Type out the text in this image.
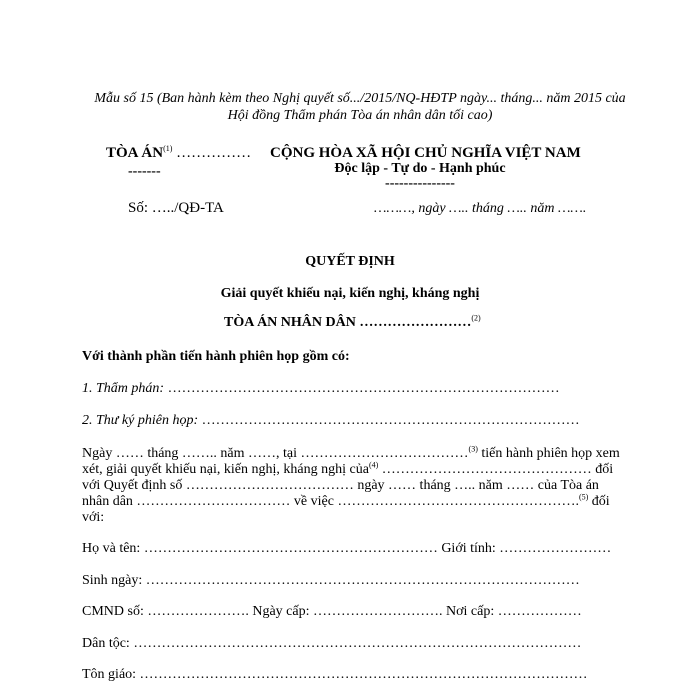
Mẫu số 15 (Ban hành kèm theo Nghị quyết số.../2015/NQ-HĐTP ngày... tháng... năm 2015 của
Hội đồng Thẩm phán Tòa án nhân dân tối cao)
TÒA ÁN$^{(1)}$ ……………
-------
CỘNG HÒA XÃ HỘI CHỦ NGHĨA VIỆT NAM
Độc lập - Tự do - Hạnh phúc
---------------
Số: …../QĐ-TA	………, ngày ….. tháng ….. năm …….
QUYẾT ĐỊNH
Giải quyết khiếu nại, kiến nghị, kháng nghị
TÒA ÁN NHÂN DÂN ……………………$^{(2)}$
Với thành phần tiến hành phiên họp gồm có:
1. Thẩm phán: …………………………………………………………………………
2. Thư ký phiên họp: ………………………………………………………………………
Ngày …… tháng …….. năm ……, tại ………………………………$^{(3)}$ tiến hành phiên họp xem
xét, giải quyết khiếu nại, kiến nghị, kháng nghị của$^{(4)}$ ……………………………………… đối
với Quyết định số ……………………………… ngày …… tháng ….. năm …… của Tòa án
nhân dân …………………………… về việc …………………………………………….$^{(5)}$ đối
với:
Họ và tên: ……………………………………………………… Giới tính: ……………………
Sinh ngày: …………………………………………………………………………………
CMND số: …………………. Ngày cấp: ………………………. Nơi cấp: ………………
Dân tộc: ……………………………………………………………………………………
Tôn giáo: ……………………………………………………………………………………
